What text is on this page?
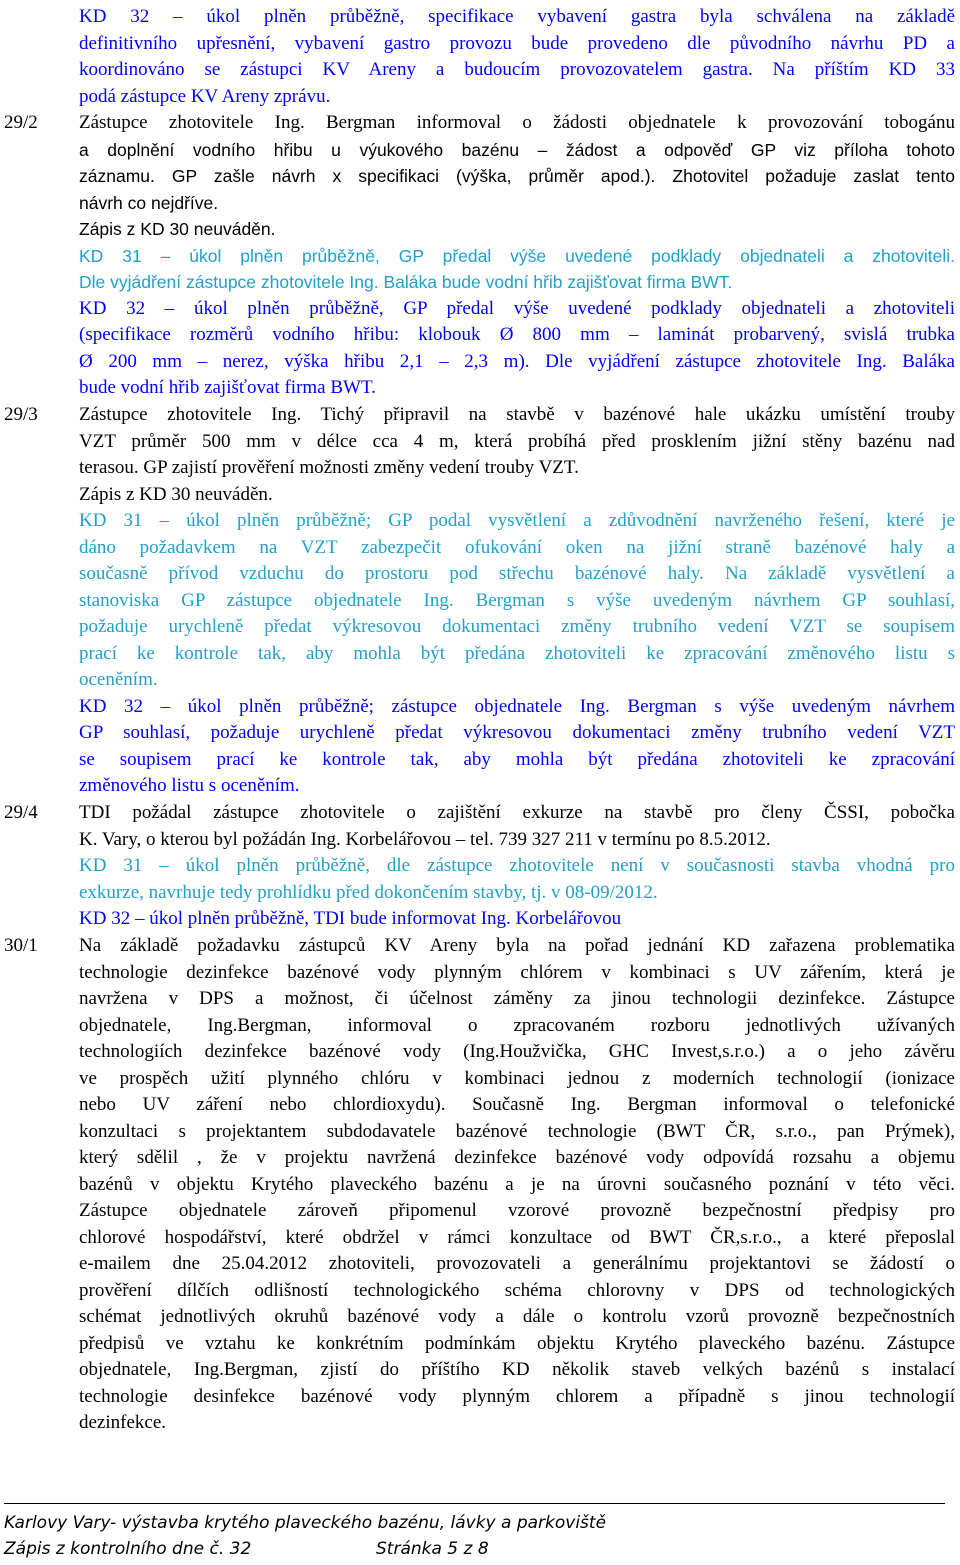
KD 32 – úkol plněn průběžně, specifikace vybavení gastra byla schválena na základě

definitivního upřesnění, vybavení gastro provozu bude provedeno dle původního návrhu PD a

koordinováno se zástupci KV Areny a budoucím provozovatelem gastra. Na příštím KD 33

podá zástupce KV Areny zprávu.

29/2	Zástupce zhotovitele Ing. Bergman informoval o žádosti objednatele k provozování tobogánu

a doplnění vodního hřibu u výukového bazénu – žádost a odpověď GP viz příloha tohoto

záznamu. GP zašle návrh x specifikaci (výška, průměr apod.). Zhotovitel požaduje zaslat tento

návrh co nejdříve.

Zápis z KD 30 neuváděn.

KD 31 – úkol plněn průběžně, GP předal výše uvedené podklady objednateli a zhotoviteli.

Dle vyjádření zástupce zhotovitele Ing. Baláka bude vodní hřib zajišťovat firma BWT.

KD 32 – úkol plněn průběžně, GP předal výše uvedené podklady objednateli a zhotoviteli

(specifikace rozměrů vodního hřibu: klobouk Ø 800 mm – laminát probarvený, svislá trubka

Ø 200 mm – nerez, výška hřibu 2,1 – 2,3 m). Dle vyjádření zástupce zhotovitele Ing. Baláka

bude vodní hřib zajišťovat firma BWT.

29/3	Zástupce zhotovitele Ing. Tichý připravil na stavbě v bazénové hale ukázku umístění trouby

VZT průměr 500 mm v délce cca 4 m, která probíhá před prosklením jižní stěny bazénu nad

terasou. GP zajistí prověření možnosti změny vedení trouby VZT.

Zápis z KD 30 neuváděn.

KD 31 – úkol plněn průběžně; GP podal vysvětlení a zdůvodnění navrženého řešení, které je

dáno požadavkem na VZT zabezpečit ofukování oken na jižní straně bazénové haly a

současně přívod vzduchu do prostoru pod střechu bazénové haly. Na základě vysvětlení a

stanoviska GP zástupce objednatele Ing. Bergman s výše uvedeným návrhem GP souhlasí,

požaduje urychleně předat výkresovou dokumentaci změny trubního vedení VZT se soupisem

prací ke kontrole tak, aby mohla být předána zhotoviteli ke zpracování změnového listu s

oceněním.

KD 32 – úkol plněn průběžně; zástupce objednatele Ing. Bergman s výše uvedeným návrhem

GP souhlasí, požaduje urychleně předat výkresovou dokumentaci změny trubního vedení VZT

se soupisem prací ke kontrole tak, aby mohla být předána zhotoviteli ke zpracování

změnového listu s oceněním.

29/4	TDI požádal zástupce zhotovitele o zajištění exkurze na stavbě pro členy ČSSI, pobočka

K. Vary, o kterou byl požádán Ing. Korbelářovou – tel. 739 327 211 v termínu po 8.5.2012.

KD 31 – úkol plněn průběžně, dle zástupce zhotovitele není v současnosti stavba vhodná pro

exkurze, navrhuje tedy prohlídku před dokončením stavby, tj. v 08-09/2012.

KD 32 – úkol plněn průběžně, TDI bude informovat Ing. Korbelářovou

30/1	Na základě požadavku zástupců KV Areny byla na pořad jednání KD zařazena problematika

technologie dezinfekce bazénové vody plynným chlórem v kombinaci s UV zářením, která je

navržena v DPS a možnost, či účelnost záměny za jinou technologii dezinfekce. Zástupce

objednatele, Ing.Bergman, informoval o zpracovaném rozboru jednotlivých užívaných

technologiích dezinfekce bazénové vody (Ing.Houžvička, GHC Invest,s.r.o.) a o jeho závěru

ve prospěch užití plynného chlóru v kombinaci jednou z moderních technologií (ionizace

nebo UV záření nebo chlordioxydu). Současně Ing. Bergman informoval o telefonické

konzultaci s projektantem subdodavatele bazénové technologie (BWT ČR, s.r.o., pan Prýmek),

který sdělil , že v projektu navržená dezinfekce bazénové vody odpovídá rozsahu a objemu

bazénů v objektu Krytého plaveckého bazénu a je na úrovni současného poznání v této věci.

Zástupce objednatele zároveň připomenul vzorové provozně bezpečnostní předpisy pro

chlorové hospodářství, které obdržel v rámci konzultace od BWT ČR,s.r.o., a které přeposlal

e-mailem dne 25.04.2012 zhotoviteli, provozovateli a generálnímu projektantovi se žádostí o

prověření dílčích odlišností technologického schéma chlorovny v DPS od technologických

schémat jednotlivých okruhů bazénové vody a dále o kontrolu vzorů provozně bezpečnostních

předpisů ve vztahu ke konkrétním podmínkám objektu Krytého plaveckého bazénu. Zástupce

objednatele, Ing.Bergman, zjistí do příštího KD několik staveb velkých bazénů s instalací

technologie desinfekce bazénové vody plynným chlorem a případně s jinou technologií

dezinfekce.

Karlovy Vary- výstavba krytého plaveckého bazénu, lávky a parkoviště
Zápis z kontrolního dne č. 32	Stránka 5 z 8
